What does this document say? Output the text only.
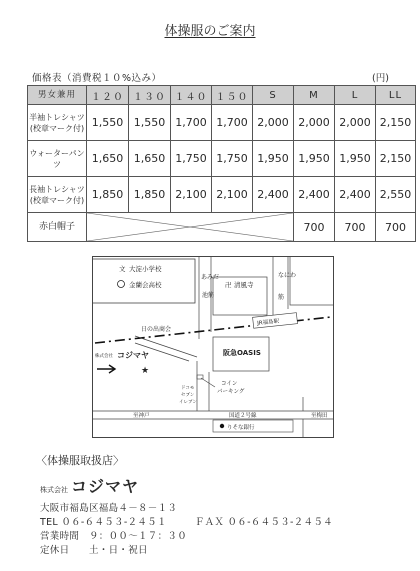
体操服のご案内
価格表（消費税１０%込み）	(円)
男女兼用	１２０	１３０	１４０	１５０	S	M	L	LL
半袖トレシャツ
(校章マーク付)	1,550	1,550	1,700	1,700	2,000	2,000	2,000	2,150
ウォーターパンツ	1,650	1,650	1,750	1,750	1,950	1,950	1,950	2,150
長袖トレシャツ
(校章マーク付)	1,850	1,850	2,100	2,100	2,400	2,400	2,400	2,550
赤白帽子						700	700	700
文 大淀小学校
金蘭会高校
あみだ
池筋
卍 清風寺
なにわ
筋
JR福島駅
日の出商会
株式会社 コジマヤ
★
阪急OASIS
コイン
パーキング
ドコモ
セブン
イレブン
至神戸	国道２号線	至梅田
りそな銀行
〈体操服取扱店〉
株式会社 コジマヤ
大阪市福島区福島４－８－１３
TEL ０６-６４５３-２４５１	ＦＡＸ ０６-６４５３-２４５４
営業時間　９：００～１７：３０
定休日　　土・日・祝日
